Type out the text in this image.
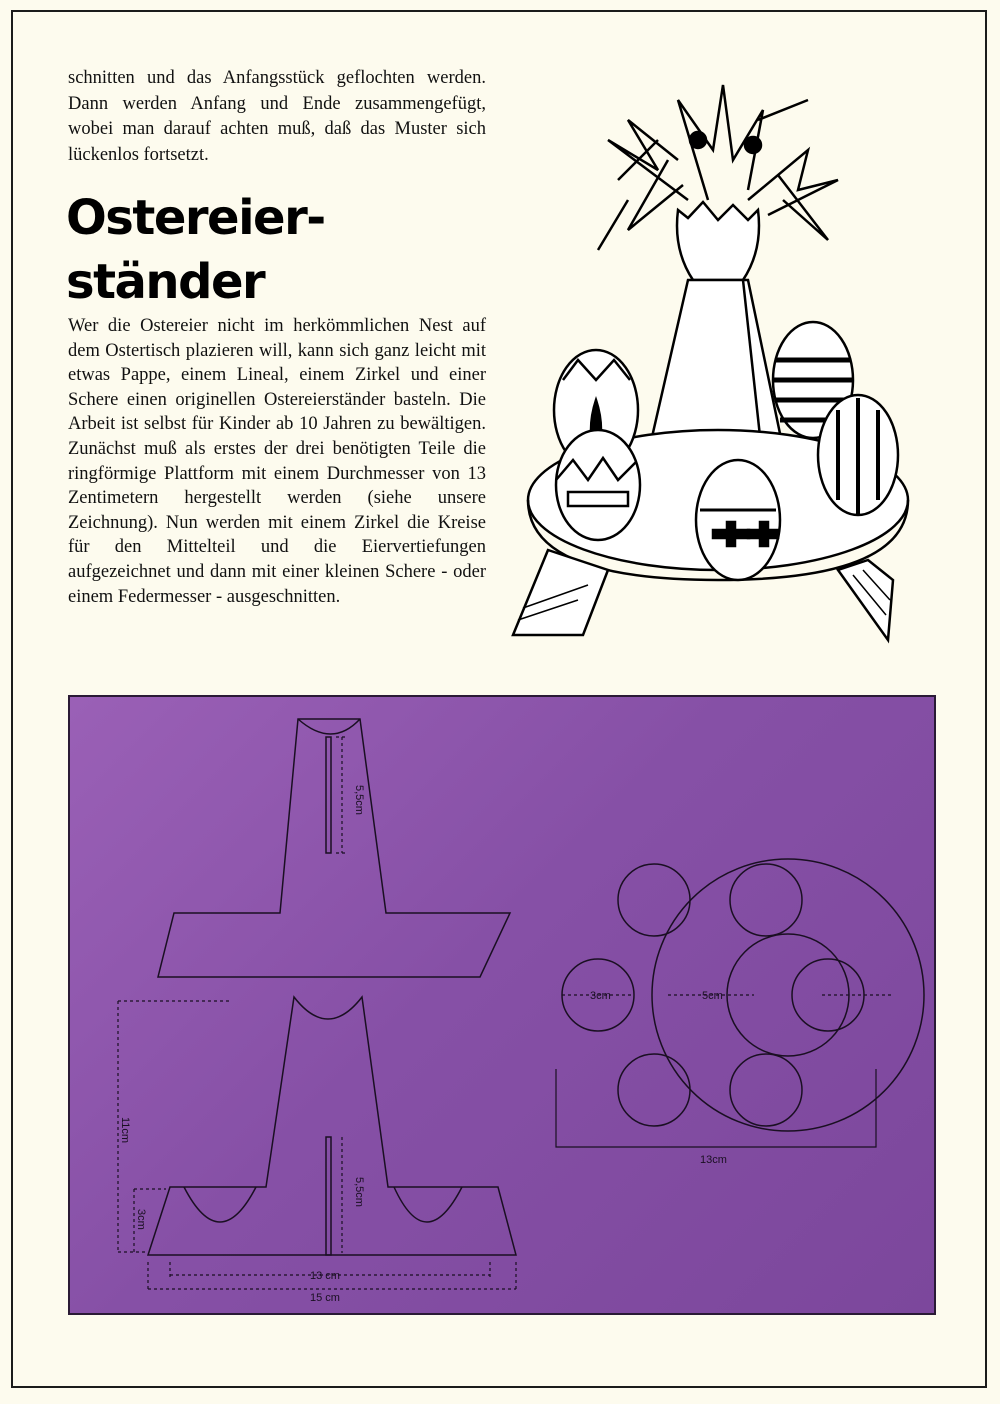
schnitten und das Anfangsstück geflochten werden. Dann werden Anfang und Ende zusammengefügt, wobei man darauf achten muß, daß das Muster sich lückenlos fortsetzt.

Ostereier-
ständer

Wer die Ostereier nicht im herkömmlichen Nest auf dem Ostertisch plazieren will, kann sich ganz leicht mit etwas Pappe, einem Lineal, einem Zirkel und einer Schere einen originellen Ostereierständer basteln. Die Arbeit ist selbst für Kinder ab 10 Jahren zu bewältigen. Zunächst muß als erstes der drei benötigten Teile die ringförmige Plattform mit einem Durchmesser von 13 Zentimetern hergestellt werden (siehe unsere Zeichnung). Nun werden mit einem Zirkel die Kreise für den Mittelteil und die Eiervertiefungen aufgezeichnet und dann mit einer kleinen Schere - oder einem Federmesser - ausgeschnitten.

5,5cm
11cm
3cm
5,5cm
13 cm
15 cm
3cm	5cm
13cm
